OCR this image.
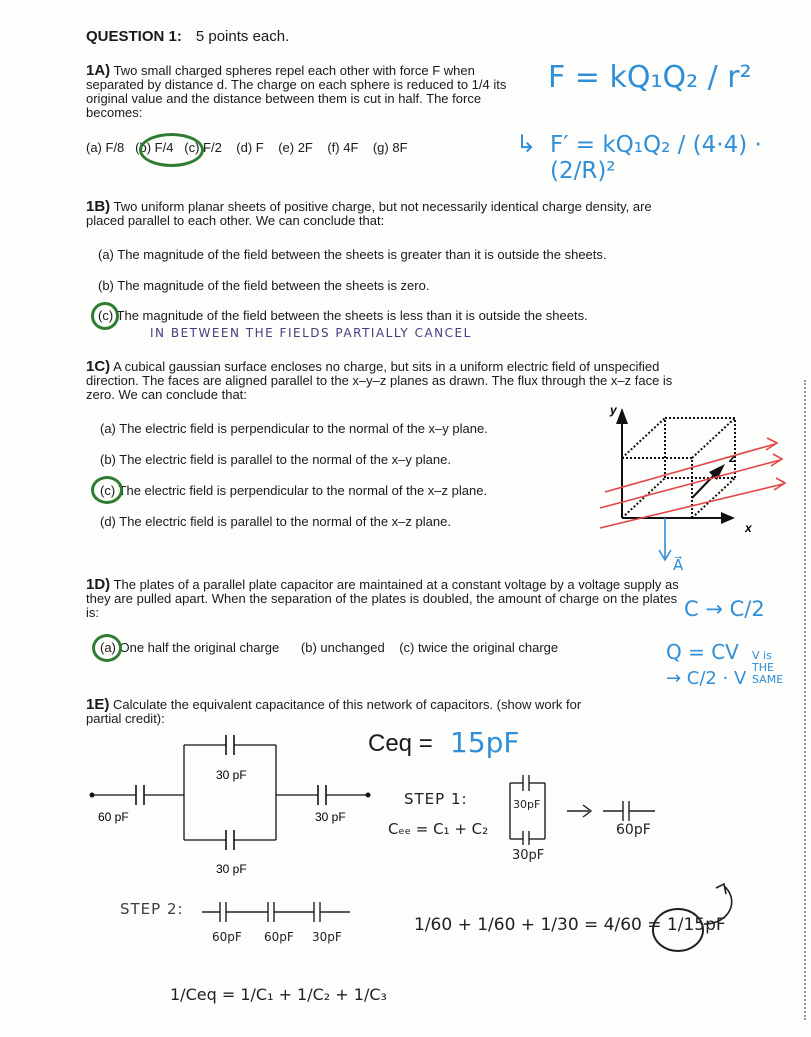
QUESTION 1: 5 points each.
1A) Two small charged spheres repel each other with force F when separated by distance d. The charge on each sphere is reduced to 1/4 its original value and the distance between them is cut in half. The force becomes:
(a) F/8 (b) F/4 (c) F/2 (d) F (e) 2F (f) 4F (g) 8F
F = kQ₁Q₂ / r²
↳ F′ = kQ₁Q₂ / (4·4) · (2/R)²
1B) Two uniform planar sheets of positive charge, but not necessarily identical charge density, are placed parallel to each other. We can conclude that:
(a) The magnitude of the field between the sheets is greater than it is outside the sheets.
(b) The magnitude of the field between the sheets is zero.
(c) The magnitude of the field between the sheets is less than it is outside the sheets.
IN BETWEEN THE FIELDS PARTIALLY CANCEL
1C) A cubical gaussian surface encloses no charge, but sits in a uniform electric field of unspecified direction. The faces are aligned parallel to the x–y–z planes as drawn. The flux through the x–z face is zero. We can conclude that:
(a) The electric field is perpendicular to the normal of the x–y plane.
(b) The electric field is parallel to the normal of the x–y plane.
(c) The electric field is perpendicular to the normal of the x–z plane.
(d) The electric field is parallel to the normal of the x–z plane.
y
x
z
A⃗
1D) The plates of a parallel plate capacitor are maintained at a constant voltage by a voltage supply as they are pulled apart. When the separation of the plates is doubled, the amount of charge on the plates is:
(a) One half the original charge (b) unchanged (c) twice the original charge
C → C/2
Q = CV
→ C/2 · V
V is THE SAME
1E) Calculate the equivalent capacitance of this network of capacitors. (show work for partial credit):
Ceq = 15pF
30 pF
30 pF
60 pF	30 pF
STEP 1:
Cₑₑ = C₁ + C₂
30pF
30pF
60pF
STEP 2:
60pF 60pF 30pF
1/Ceq = 1/C₁ + 1/C₂ + 1/C₃
1/60 + 1/60 + 1/30 = 4/60 = 1/15pF
